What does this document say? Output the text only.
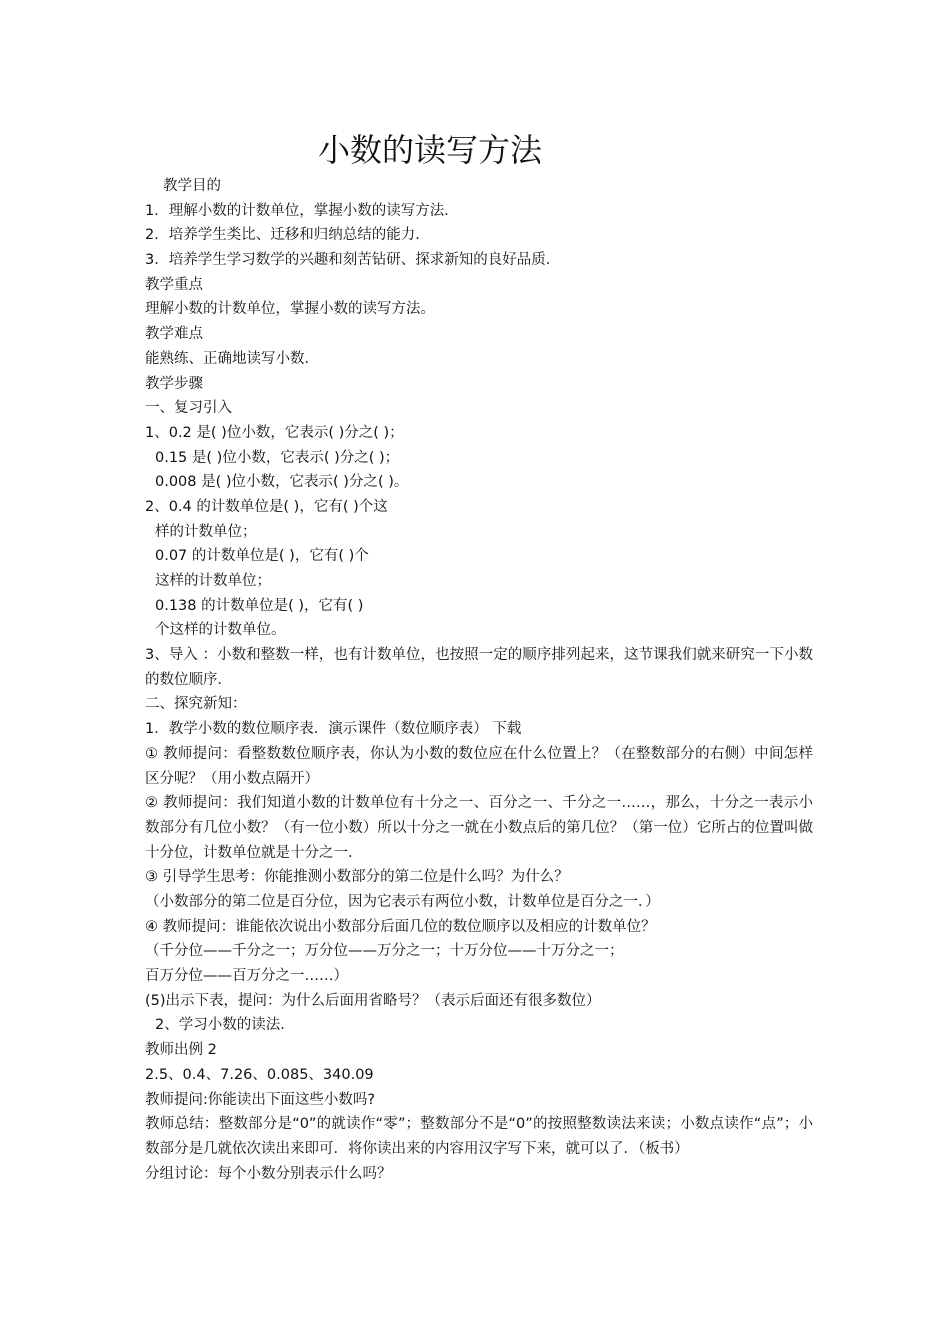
小数的读写方法
教学目的
1．理解小数的计数单位，掌握小数的读写方法．
2．培养学生类比、迁移和归纳总结的能力．
3．培养学生学习数学的兴趣和刻苦钻研、探求新知的良好品质．
教学重点
理解小数的计数单位，掌握小数的读写方法。
教学难点
能熟练、正确地读写小数．
教学步骤
一、复习引入
1、0.2 是( )位小数，它表示( )分之( )；
0.15 是( )位小数，它表示( )分之( )；
0.008 是( )位小数，它表示( )分之( )。
2、0.4 的计数单位是( )，它有( )个这
样的计数单位；
0.07 的计数单位是( )，它有( )个
这样的计数单位；
0.138 的计数单位是( )，它有( )
个这样的计数单位。
3、导入 ：小数和整数一样，也有计数单位，也按照一定的顺序排列起来，这节课我们就来研究一下小数的数位顺序．
二、探究新知：
1．教学小数的数位顺序表．演示课件（数位顺序表） 下载
① 教师提问：看整数数位顺序表，你认为小数的数位应在什么位置上？（在整数部分的右侧）中间怎样区分呢？（用小数点隔开）
② 教师提问：我们知道小数的计数单位有十分之一、百分之一、千分之一……，那么，十分之一表示小数部分有几位小数？（有一位小数）所以十分之一就在小数点后的第几位？（第一位）它所占的位置叫做十分位，计数单位就是十分之一．
③ 引导学生思考：你能推测小数部分的第二位是什么吗？为什么？
（小数部分的第二位是百分位，因为它表示有两位小数，计数单位是百分之一．）
④ 教师提问：谁能依次说出小数部分后面几位的数位顺序以及相应的计数单位？
（千分位——千分之一；万分位——万分之一；十万分位——十万分之一；
百万分位——百万分之一……）
(5)出示下表，提问：为什么后面用省略号？（表示后面还有很多数位）
2、学习小数的读法．
教师出例 2
2.5、0.4、7.26、0.085、340.09
教师提问:你能读出下面这些小数吗?
教师总结：整数部分是“0”的就读作“零”；整数部分不是“0”的按照整数读法来读；小数点读作“点”；小数部分是几就依次读出来即可．将你读出来的内容用汉字写下来，就可以了．（板书）
分组讨论：每个小数分别表示什么吗？
